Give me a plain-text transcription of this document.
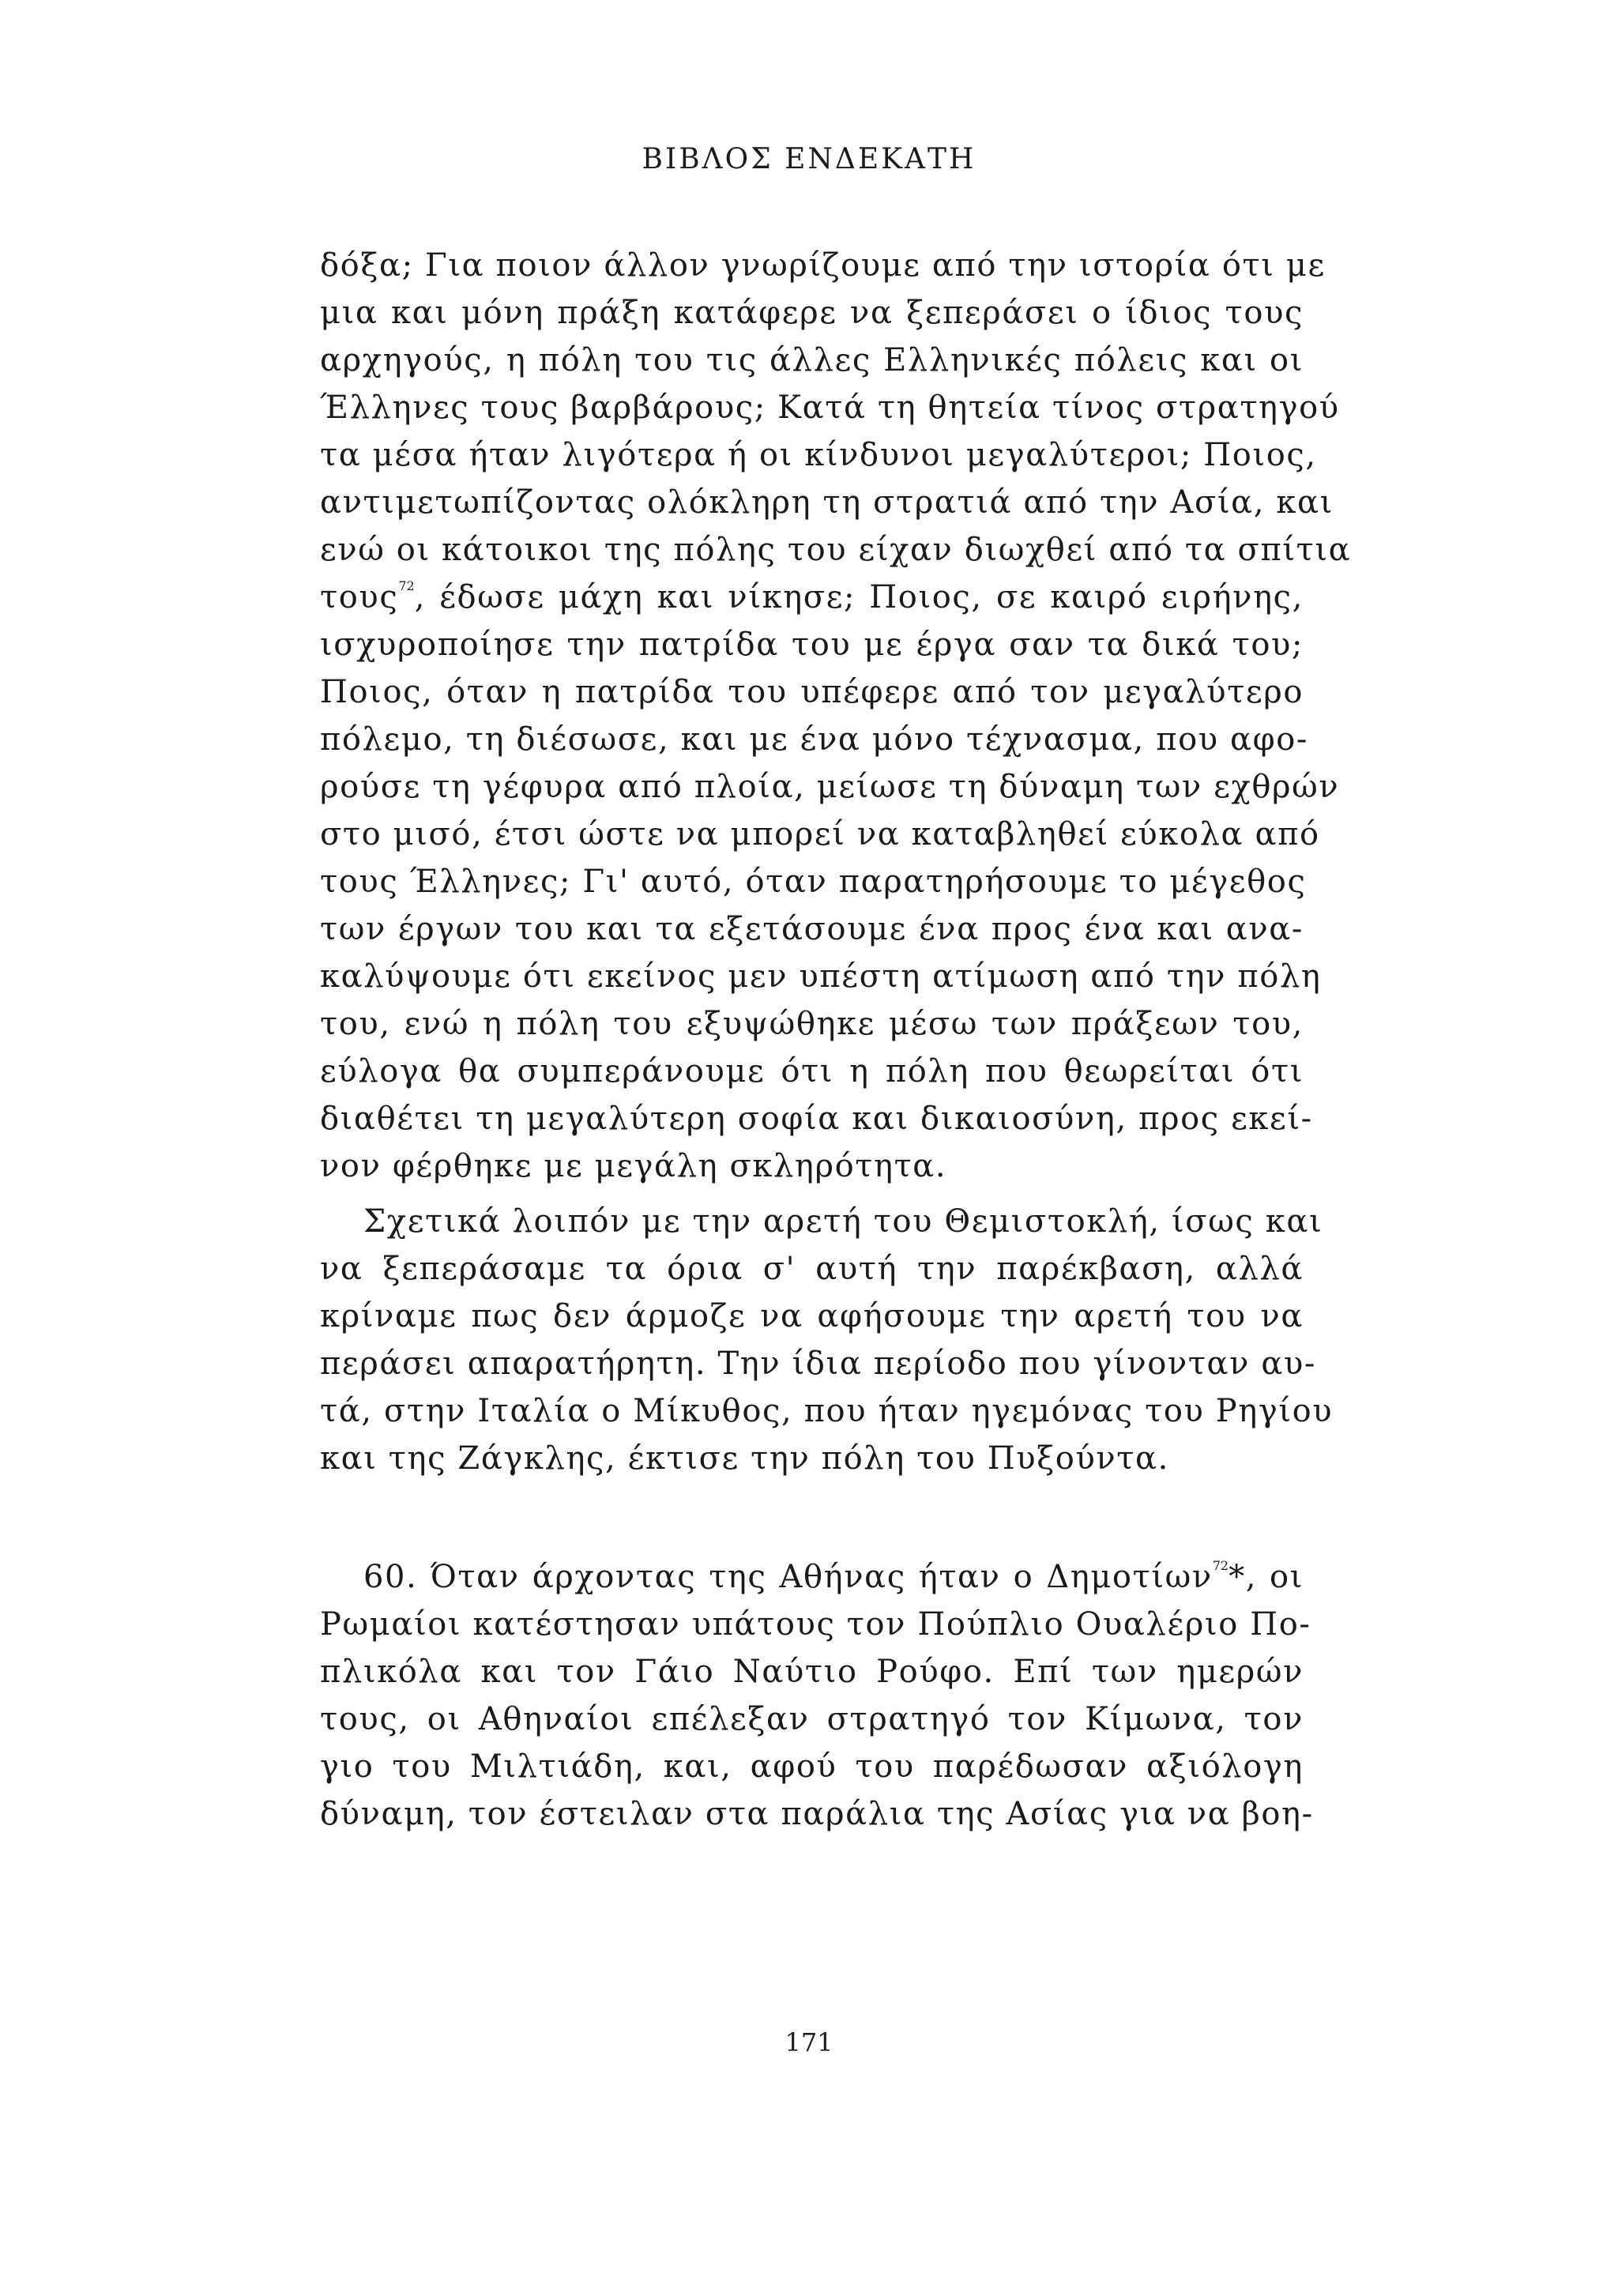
ΒΙΒΛΟΣ ΕΝΔΕΚΑΤΗ
δόξα; Για ποιον άλλον γνωρίζουμε από την ιστορία ότι με
μια και μόνη πράξη κατάφερε να ξεπεράσει ο ίδιος τους
αρχηγούς, η πόλη του τις άλλες Ελληνικές πόλεις και οι
Έλληνες τους βαρβάρους; Κατά τη θητεία τίνος στρατηγού
τα μέσα ήταν λιγότερα ή οι κίνδυνοι μεγαλύτεροι; Ποιος,
αντιμετωπίζοντας ολόκληρη τη στρατιά από την Ασία, και
ενώ οι κάτοικοι της πόλης του είχαν διωχθεί από τα σπίτια
τους$^{72}$, έδωσε μάχη και νίκησε; Ποιος, σε καιρό ειρήνης,
ισχυροποίησε την πατρίδα του με έργα σαν τα δικά του;
Ποιος, όταν η πατρίδα του υπέφερε από τον μεγαλύτερο
πόλεμο, τη διέσωσε, και με ένα μόνο τέχνασμα, που αφο-
ρούσε τη γέφυρα από πλοία, μείωσε τη δύναμη των εχθρών
στο μισό, έτσι ώστε να μπορεί να καταβληθεί εύκολα από
τους Έλληνες; Γι' αυτό, όταν παρατηρήσουμε το μέγεθος
των έργων του και τα εξετάσουμε ένα προς ένα και ανα-
καλύψουμε ότι εκείνος μεν υπέστη ατίμωση από την πόλη
του, ενώ η πόλη του εξυψώθηκε μέσω των πράξεων του,
εύλογα θα συμπεράνουμε ότι η πόλη που θεωρείται ότι
διαθέτει τη μεγαλύτερη σοφία και δικαιοσύνη, προς εκεί-
νον φέρθηκε με μεγάλη σκληρότητα.
Σχετικά λοιπόν με την αρετή του Θεμιστοκλή, ίσως και
να ξεπεράσαμε τα όρια σ' αυτή την παρέκβαση, αλλά
κρίναμε πως δεν άρμοζε να αφήσουμε την αρετή του να
περάσει απαρατήρητη. Την ίδια περίοδο που γίνονταν αυ-
τά, στην Ιταλία ο Μίκυθος, που ήταν ηγεμόνας του Ρηγίου
και της Ζάγκλης, έκτισε την πόλη του Πυξούντα.
60. Όταν άρχοντας της Αθήνας ήταν ο Δημοτίων$^{72}$*, οι
Ρωμαίοι κατέστησαν υπάτους τον Πούπλιο Ουαλέριο Πο-
πλικόλα και τον Γάιο Ναύτιο Ρούφο. Επί των ημερών
τους, οι Αθηναίοι επέλεξαν στρατηγό τον Κίμωνα, τον
γιο του Μιλτιάδη, και, αφού του παρέδωσαν αξιόλογη
δύναμη, τον έστειλαν στα παράλια της Ασίας για να βοη-
171
